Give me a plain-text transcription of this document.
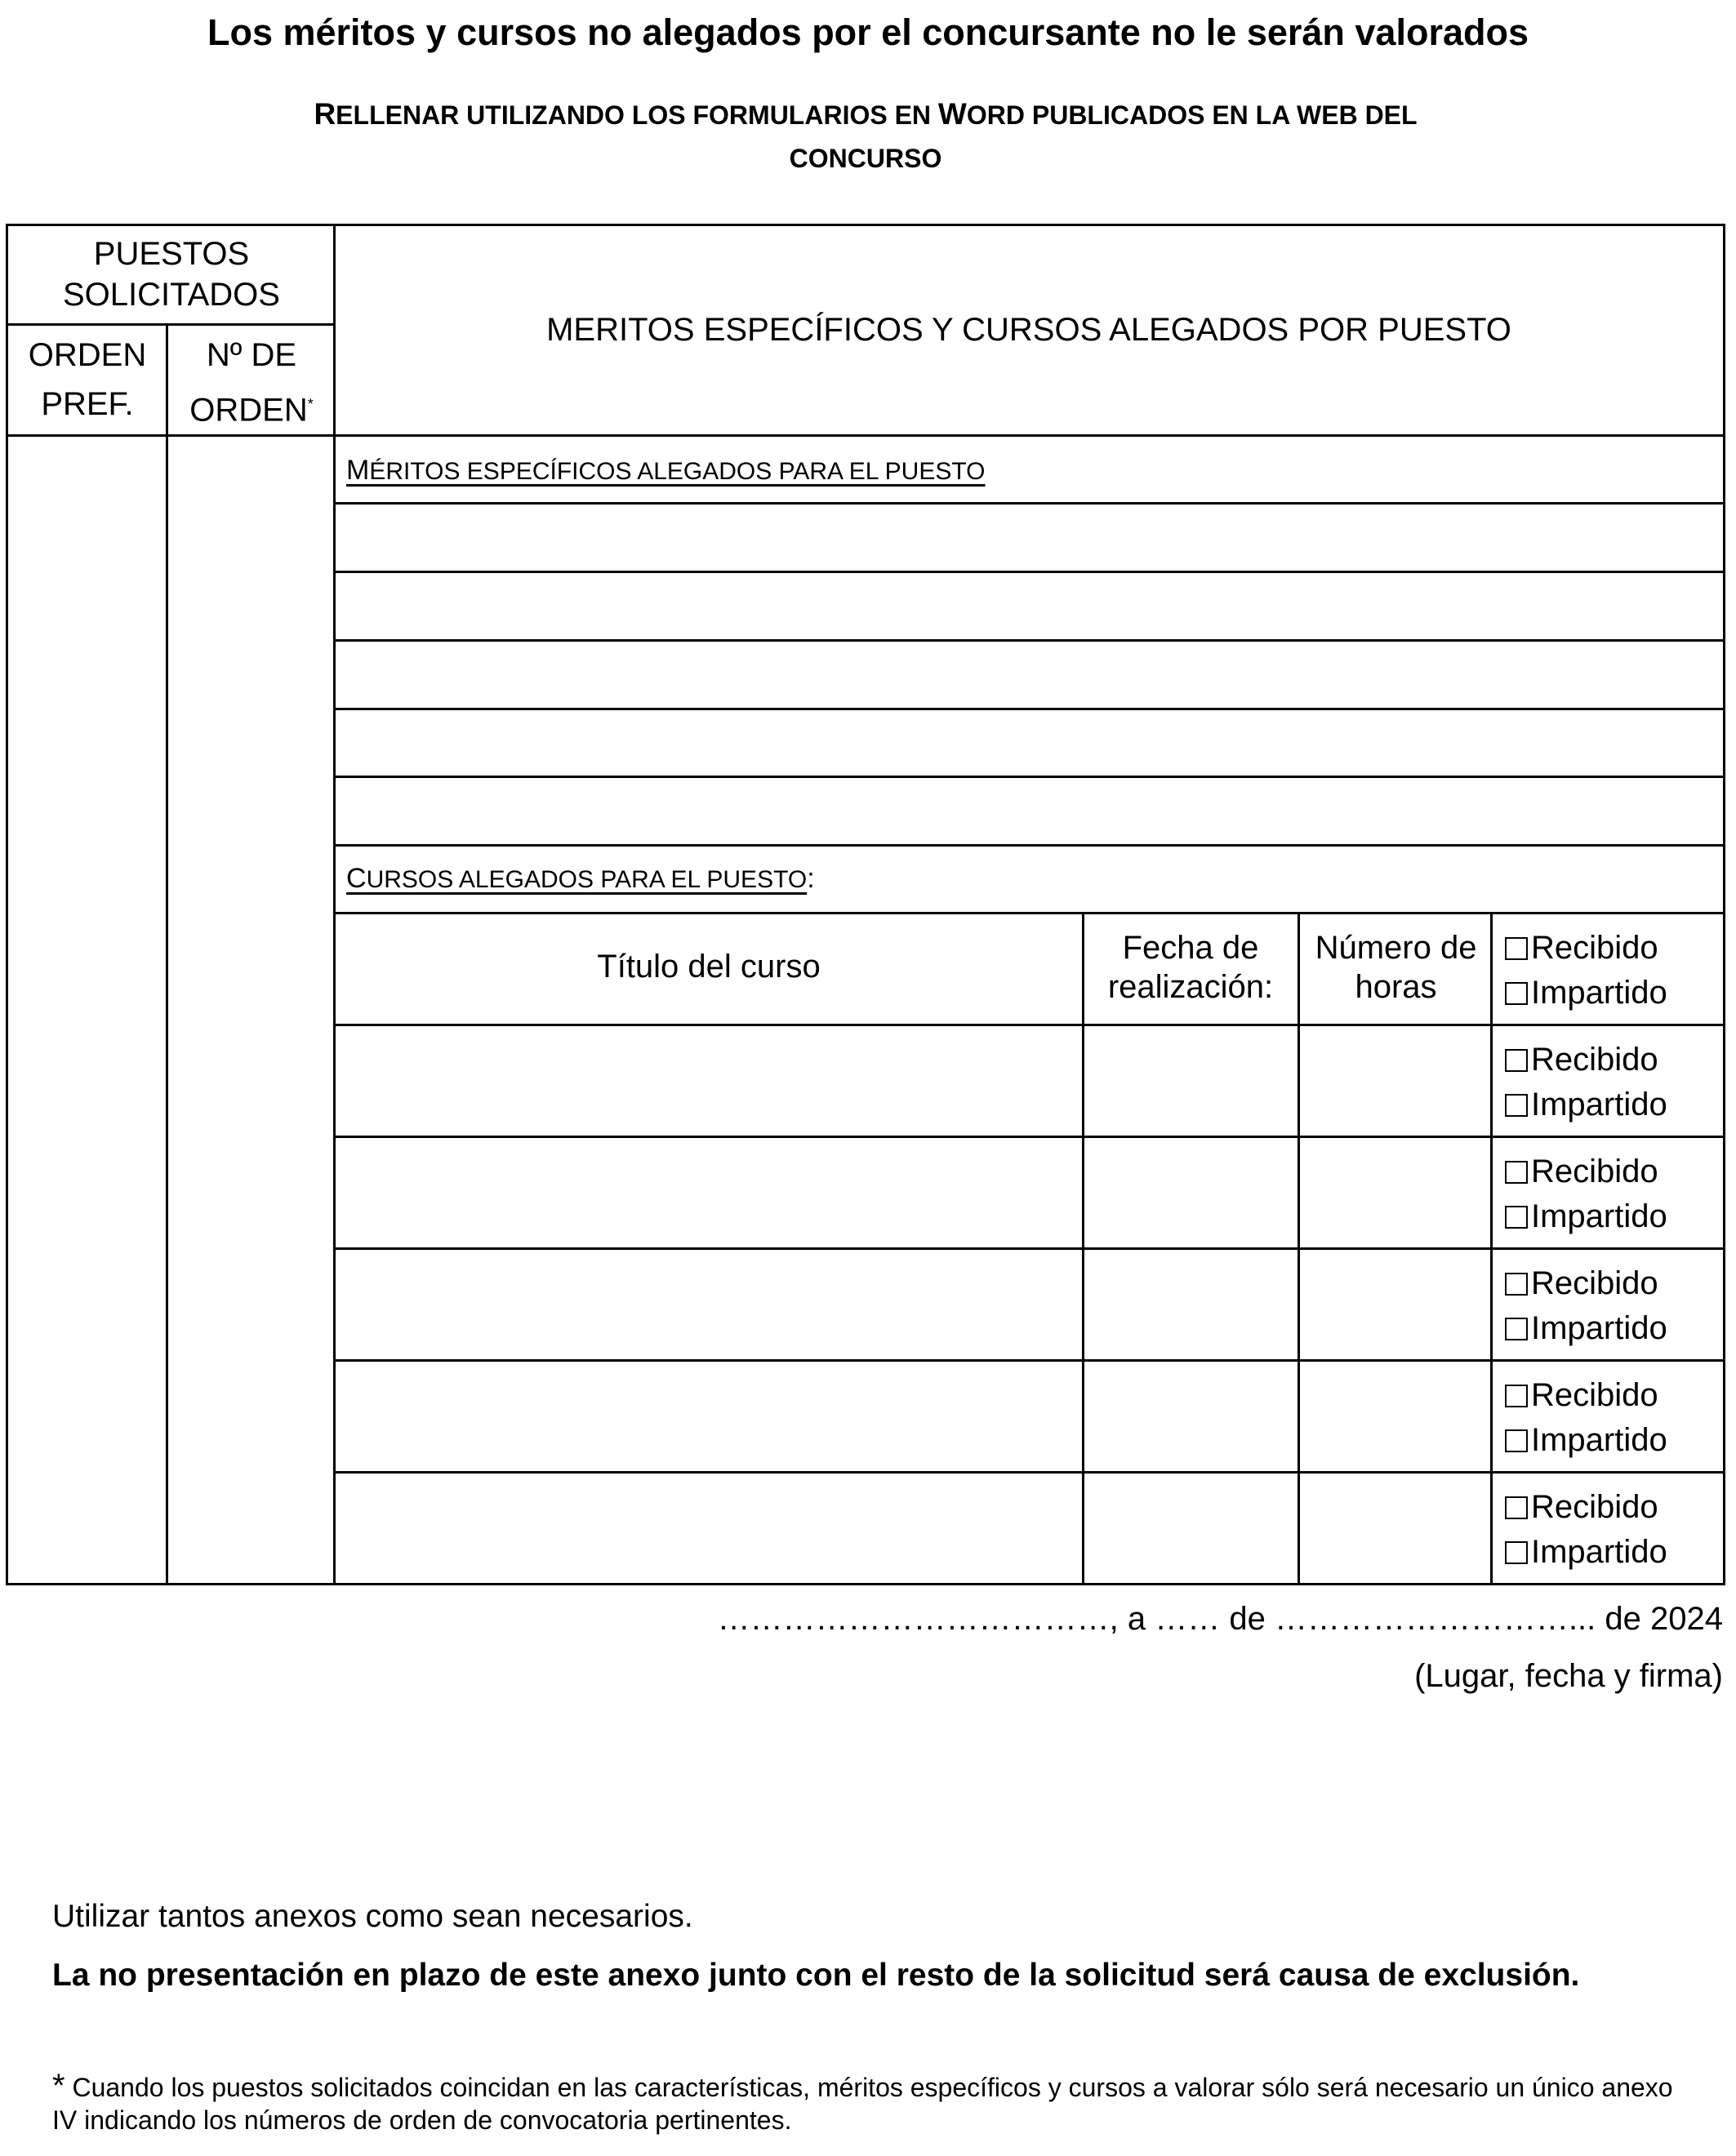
Los méritos y cursos no alegados por el concursante no le serán valorados
RELLENAR UTILIZANDO LOS FORMULARIOS EN WORD PUBLICADOS EN LA WEB DEL
CONCURSO
PUESTOS SOLICITADOS
ORDEN PREF.
Nº DE ORDEN*
MERITOS ESPECÍFICOS Y CURSOS ALEGADOS POR PUESTO
MÉRITOS ESPECÍFICOS ALEGADOS PARA EL PUESTO
CURSOS ALEGADOS PARA EL PUESTO:
Título del curso
Fecha de realización:
Número de horas
Recibido
Impartido
Recibido
Impartido
Recibido
Impartido
Recibido
Impartido
Recibido
Impartido
Recibido
Impartido
………………………………, a …… de ………………………... de 2024
(Lugar, fecha y firma)
Utilizar tantos anexos como sean necesarios.
La no presentación en plazo de este anexo junto con el resto de la solicitud será causa de exclusión.
* Cuando los puestos solicitados coincidan en las características, méritos específicos y cursos a valorar sólo será necesario un único anexo IV indicando los números de orden de convocatoria pertinentes.
